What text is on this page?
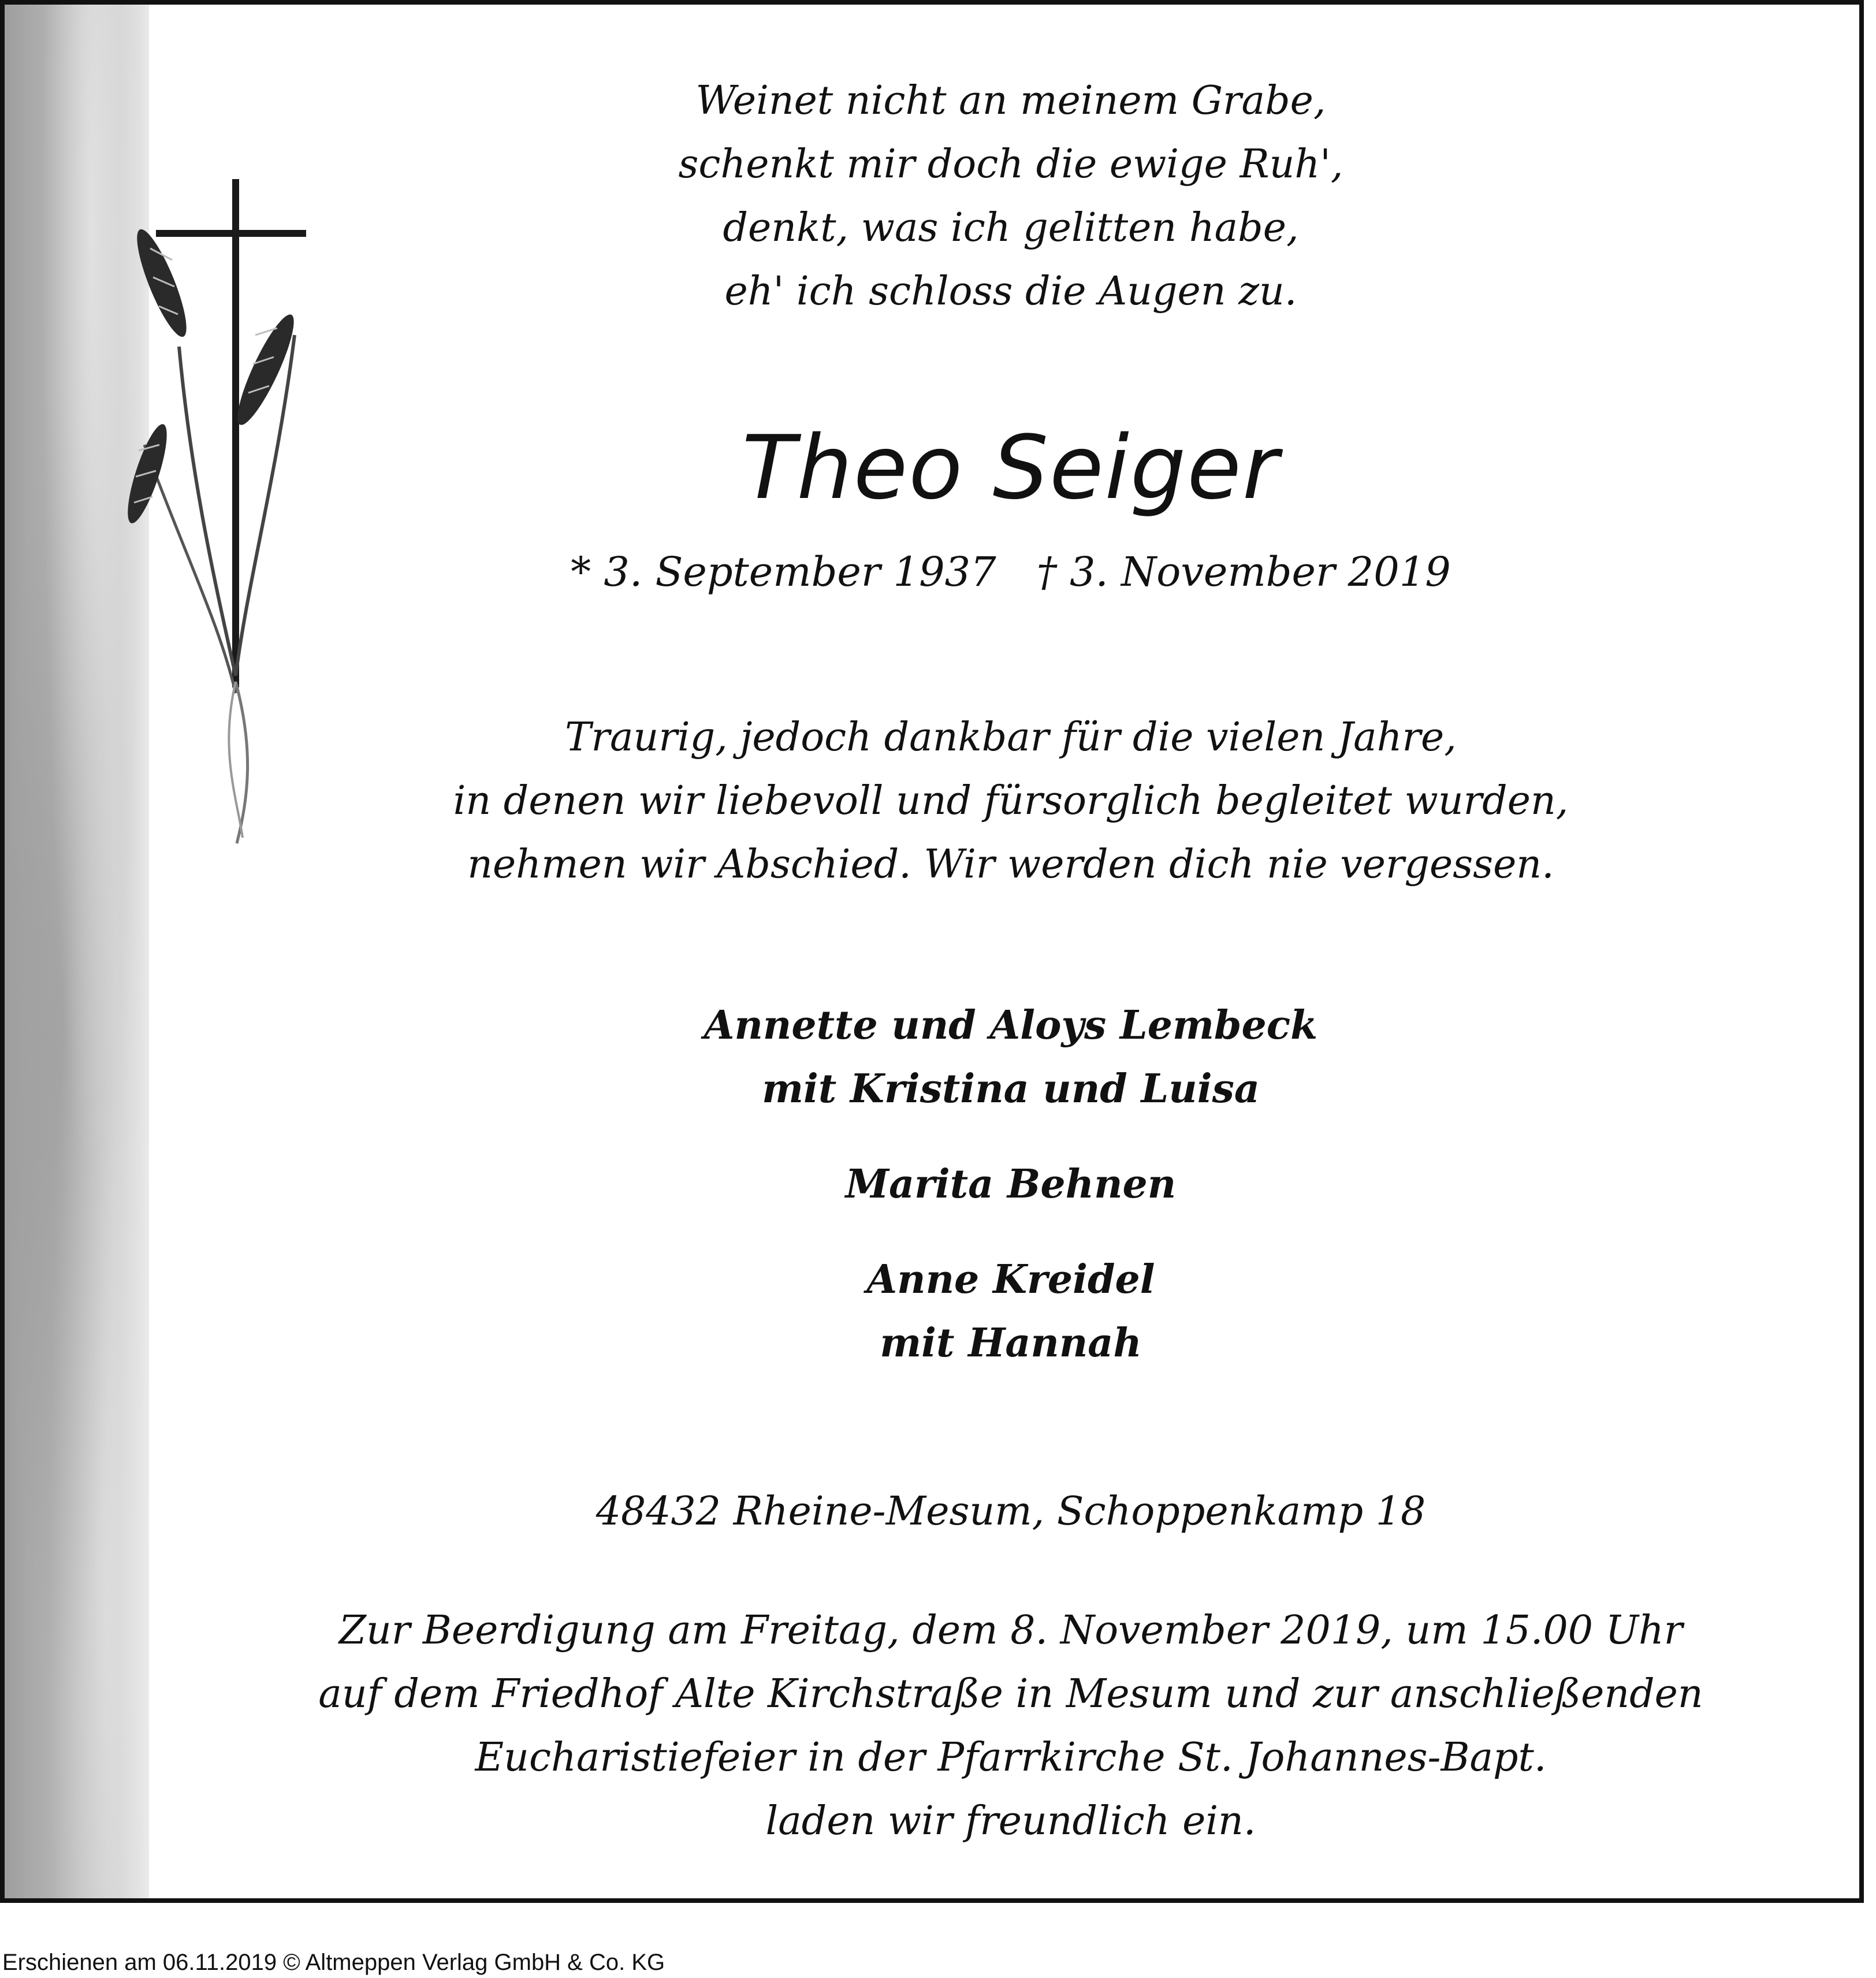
Weinet nicht an meinem Grabe,
schenkt mir doch die ewige Ruh',
denkt, was ich gelitten habe,
eh' ich schloss die Augen zu.
Theo Seiger
* 3. September 1937 † 3. November 2019
Traurig, jedoch dankbar für die vielen Jahre,
in denen wir liebevoll und fürsorglich begleitet wurden,
nehmen wir Abschied. Wir werden dich nie vergessen.
Annette und Aloys Lembeck
mit Kristina und Luisa
Marita Behnen
Anne Kreidel
mit Hannah
48432 Rheine-Mesum, Schoppenkamp 18
Zur Beerdigung am Freitag, dem 8. November 2019, um 15.00 Uhr
auf dem Friedhof Alte Kirchstraße in Mesum und zur anschließenden
Eucharistiefeier in der Pfarrkirche St. Johannes-Bapt.
laden wir freundlich ein.
Erschienen am 06.11.2019 © Altmeppen Verlag GmbH & Co. KG
